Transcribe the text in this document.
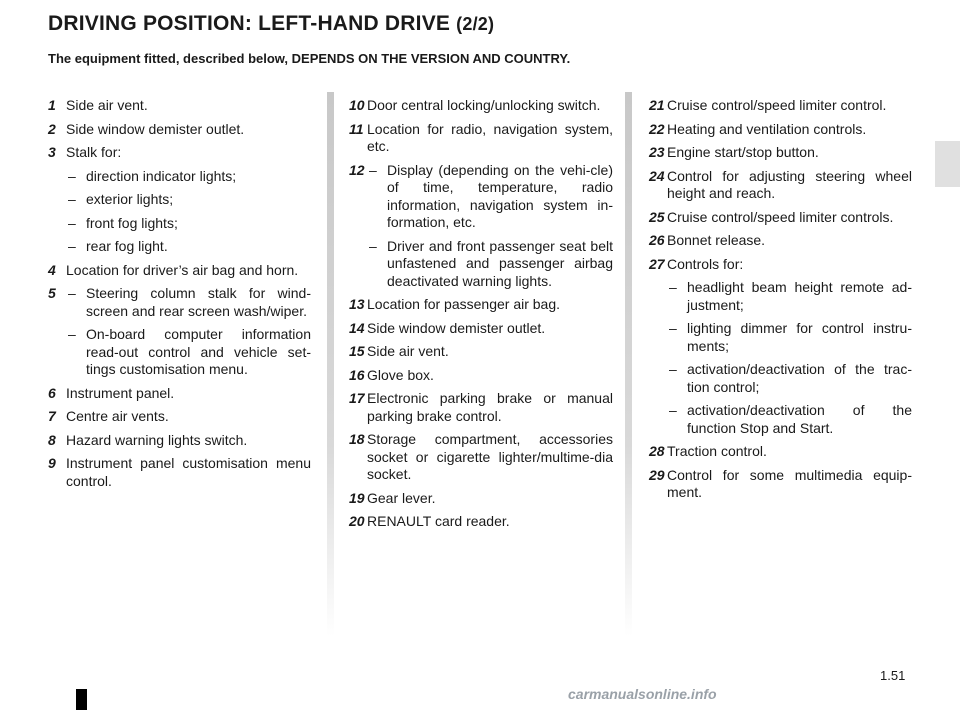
DRIVING POSITION: LEFT-HAND DRIVE (2/2)

The equipment fitted, described below, DEPENDS ON THE VERSION AND COUNTRY.

1 Side air vent.
2 Side window demister outlet.
3 Stalk for:
– direction indicator lights;
– exterior lights;
– front fog lights;
– rear fog light.
4 Location for driver’s air bag and horn.
5 – Steering column stalk for wind-screen and rear screen wash/wiper.
– On-board computer information read-out control and vehicle set-tings customisation menu.
6 Instrument panel.
7 Centre air vents.
8 Hazard warning lights switch.
9 Instrument panel customisation menu control.
10 Door central locking/unlocking switch.
11 Location for radio, navigation system, etc.
12 – Display (depending on the vehi-cle) of time, temperature, radio information, navigation system in-formation, etc.
– Driver and front passenger seat belt unfastened and passenger airbag deactivated warning lights.
13 Location for passenger air bag.
14 Side window demister outlet.
15 Side air vent.
16 Glove box.
17 Electronic parking brake or manual parking brake control.
18 Storage compartment, accessories socket or cigarette lighter/multime-dia socket.
19 Gear lever.
20 RENAULT card reader.
21 Cruise control/speed limiter control.
22 Heating and ventilation controls.
23 Engine start/stop button.
24 Control for adjusting steering wheel height and reach.
25 Cruise control/speed limiter controls.
26 Bonnet release.
27 Controls for:
– headlight beam height remote ad-justment;
– lighting dimmer for control instru-ments;
– activation/deactivation of the trac-tion control;
– activation/deactivation of the function Stop and Start.
28 Traction control.
29 Control for some multimedia equip-ment.
1.51
carmanualsonline.info
